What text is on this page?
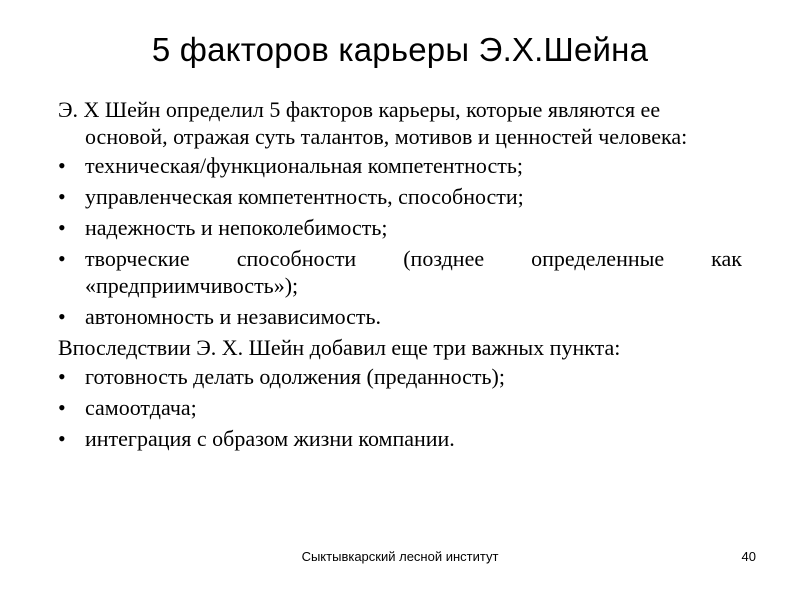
5 факторов карьеры Э.Х.Шейна

Э. Х Шейн определил 5 факторов карьеры, которые являются ее основой, отражая суть талантов, мотивов и ценностей человека:

• техническая/функциональная компетентность;
• управленческая компетентность, способности;
• надежность и непоколебимость;
• творческие способности (позднее определенные как «предприимчивость»);
• автономность и независимость.

Впоследствии Э. Х. Шейн добавил еще три важных пункта:

• готовность делать одолжения (преданность);
• самоотдача;
• интеграция с образом жизни компании.
Сыктывкарский лесной институт	40
